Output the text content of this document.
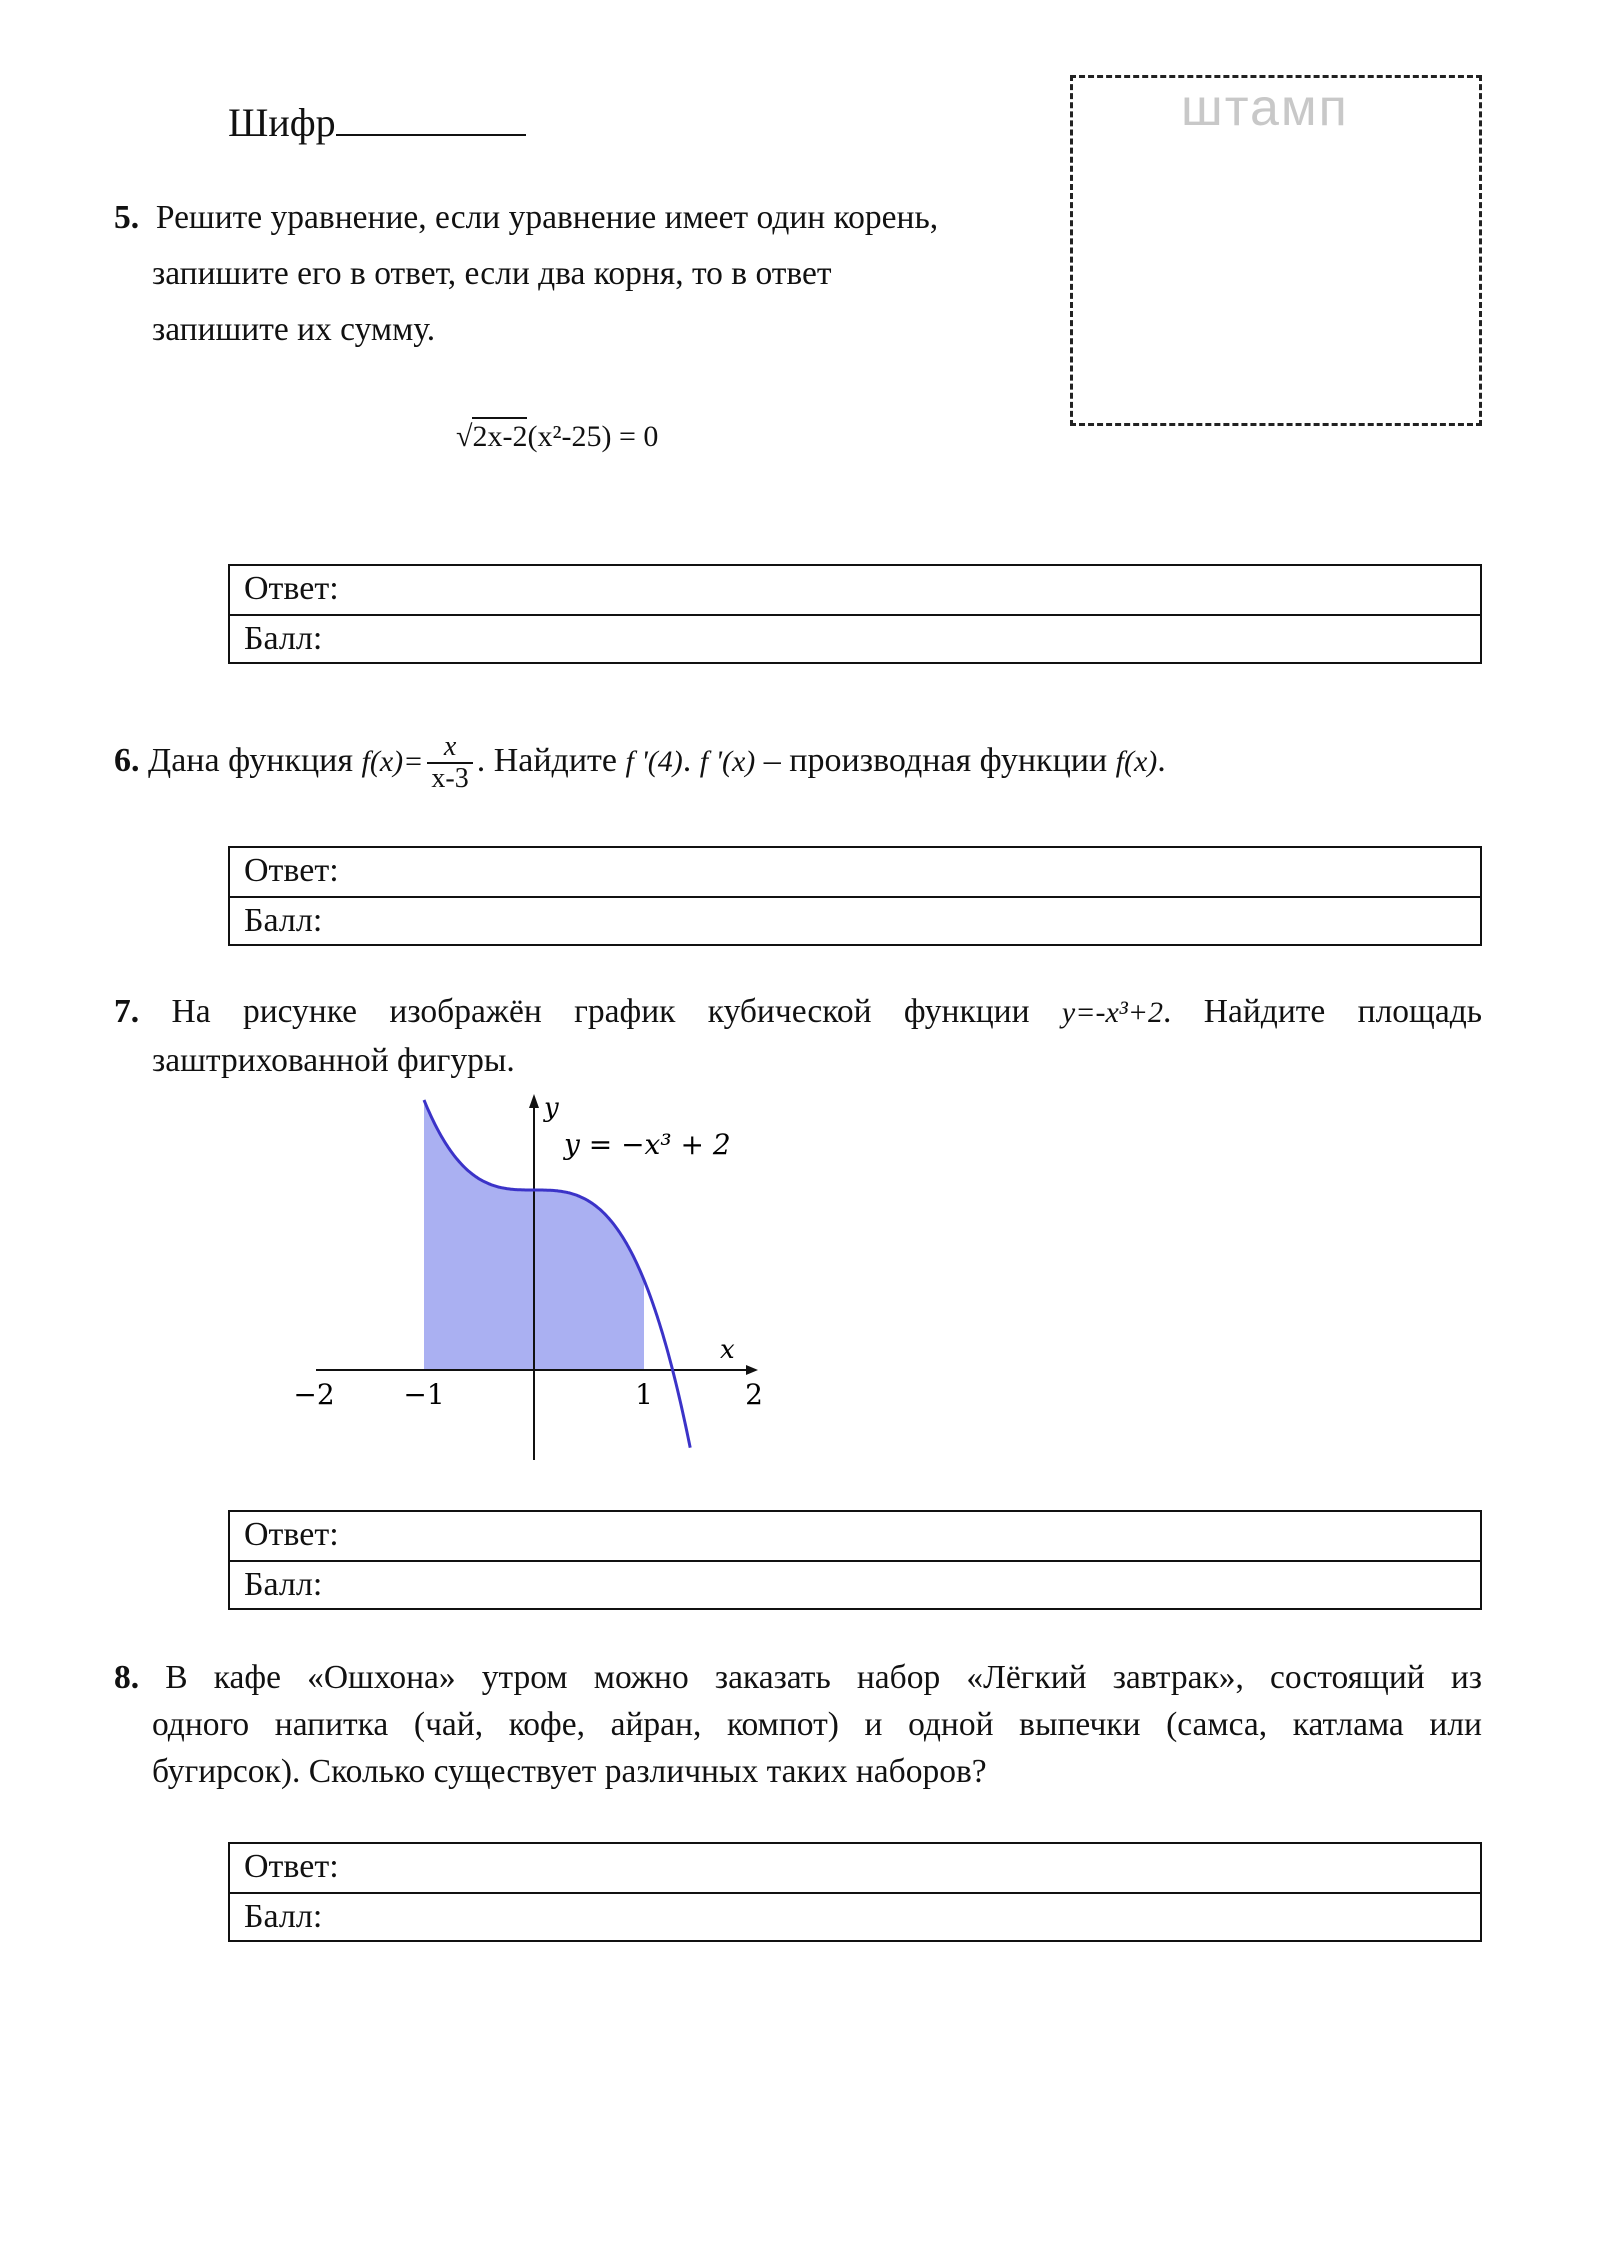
Шифр	штамп
5. Решите уравнение, если уравнение имеет один корень,
запишите его в ответ, если два корня, то в ответ
запишите их сумму.
√2x-2(x²-25) = 0
Ответ:
Балл:
6. Дана функция $f(x)= \frac{x}{x-3}$ . Найдите f '(4). f '(x) – производная функции f(x).
Ответ:
Балл:
7. На рисунке изображён график кубической функции y=-x³+2. Найдите площадь
заштрихованной фигуры.
x
y
y = −x³ + 2
−2 −1	1	2
Ответ:
Балл:
8. В кафе «Ошхона» утром можно заказать набор «Лёгкий завтрак», состоящий из
одного напитка (чай, кофе, айран, компот) и одной выпечки (самса, катлама или
бугирсок). Сколько существует различных таких наборов?
Ответ:
Балл:
